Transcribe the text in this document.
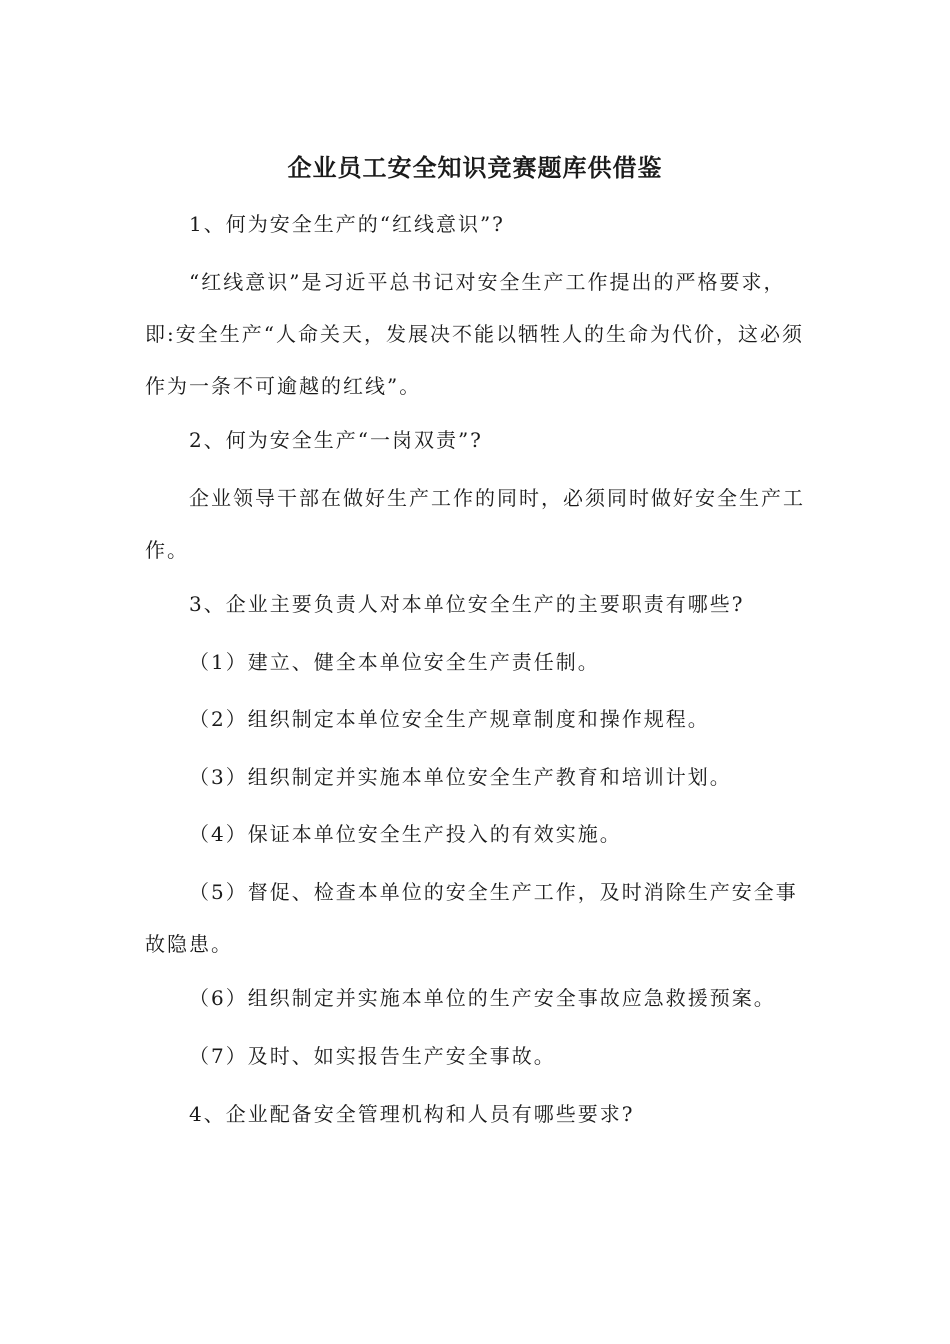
企业员工安全知识竞赛题库供借鉴

1、何为安全生产的“红线意识”?

“红线意识”是习近平总书记对安全生产工作提出的严格要求，即:安全生产“人命关天，发展决不能以牺牲人的生命为代价，这必须作为一条不可逾越的红线”。

2、何为安全生产“一岗双责”?

企业领导干部在做好生产工作的同时，必须同时做好安全生产工作。

3、企业主要负责人对本单位安全生产的主要职责有哪些?

（1）建立、健全本单位安全生产责任制。

（2）组织制定本单位安全生产规章制度和操作规程。

（3）组织制定并实施本单位安全生产教育和培训计划。

（4）保证本单位安全生产投入的有效实施。

（5）督促、检查本单位的安全生产工作，及时消除生产安全事故隐患。

（6）组织制定并实施本单位的生产安全事故应急救援预案。

（7）及时、如实报告生产安全事故。

4、企业配备安全管理机构和人员有哪些要求?
